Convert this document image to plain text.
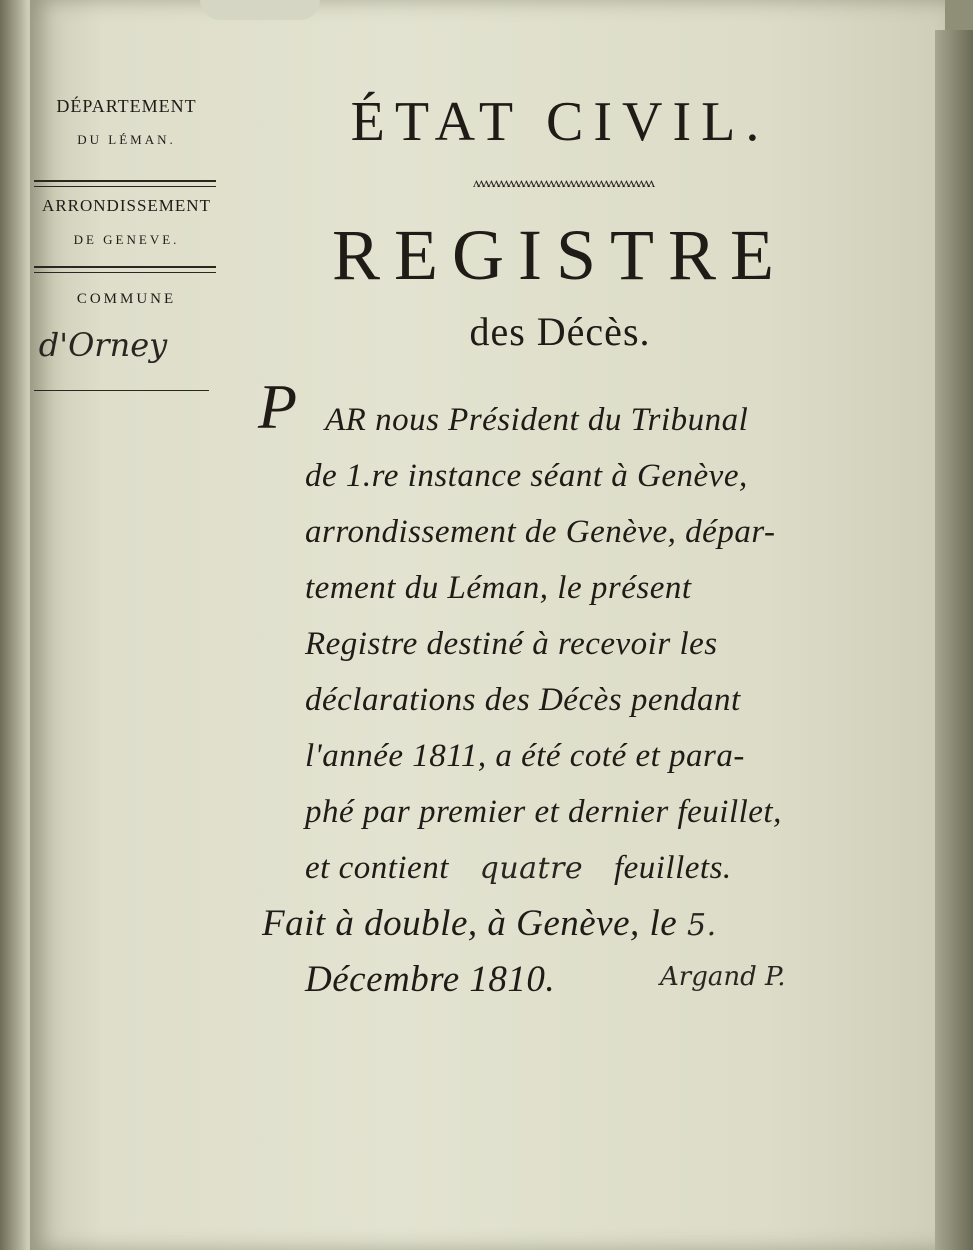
DÉPARTEMENT
DU LÉMAN.
ARRONDISSEMENT
DE GENEVE.
COMMUNE
d'Orney
ÉTAT CIVIL.
ʌʌʌʌʌʌʌʌʌʌʌʌʌʌʌʌʌʌʌʌʌʌʌʌʌʌʌʌʌʌʌʌʌʌʌʌ
REGISTRE
des Décès.
P AR nous Président du Tribunal
de 1.re instance séant à Genève,
arrondissement de Genève, dépar-
tement du Léman, le présent
Registre destiné à recevoir les
déclarations des Décès pendant
l'année 1811, a été coté et para-
phé par premier et dernier feuillet,
et contient quatre feuillets.
Fait à double, à Genève, le 5.
Décembre 1810.	Argand P.
